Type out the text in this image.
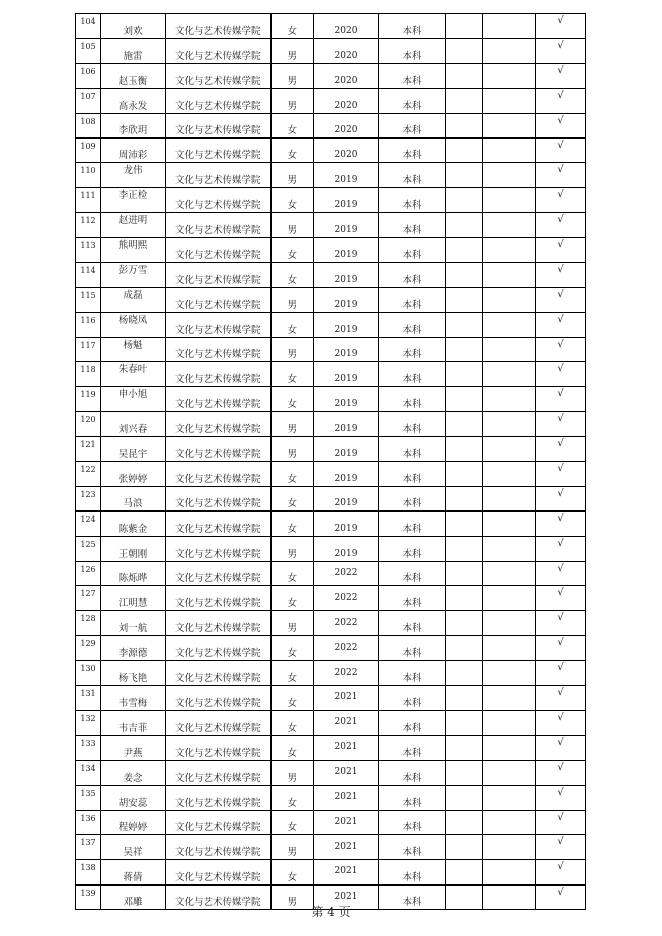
104	刘欢	文化与艺术传媒学院	女	2020	本科			√
105	施雷	文化与艺术传媒学院	男	2020	本科			√
106	赵玉衡	文化与艺术传媒学院	男	2020	本科			√
107	高永发	文化与艺术传媒学院	男	2020	本科			√
108	李欣玥	文化与艺术传媒学院	女	2020	本科			√
109	周沛彩	文化与艺术传媒学院	女	2020	本科			√
110	龙伟	文化与艺术传媒学院	男	2019	本科			√
111	李正检	文化与艺术传媒学院	女	2019	本科			√
112	赵进明	文化与艺术传媒学院	男	2019	本科			√
113	熊明熙	文化与艺术传媒学院	女	2019	本科			√
114	彭万雪	文化与艺术传媒学院	女	2019	本科			√
115	成磊	文化与艺术传媒学院	男	2019	本科			√
116	杨晓凤	文化与艺术传媒学院	女	2019	本科			√
117	杨魁	文化与艺术传媒学院	男	2019	本科			√
118	朱春叶	文化与艺术传媒学院	女	2019	本科			√
119	申小旭	文化与艺术传媒学院	女	2019	本科			√
120	刘兴春	文化与艺术传媒学院	男	2019	本科			√
121	吴昆宇	文化与艺术传媒学院	男	2019	本科			√
122	张婷婷	文化与艺术传媒学院	女	2019	本科			√
123	马浪	文化与艺术传媒学院	女	2019	本科			√
124	陈紫金	文化与艺术传媒学院	女	2019	本科			√
125	王朝刚	文化与艺术传媒学院	男	2019	本科			√
126	陈烁晔	文化与艺术传媒学院	女	2022	本科			√
127	江明慧	文化与艺术传媒学院	女	2022	本科			√
128	刘一航	文化与艺术传媒学院	男	2022	本科			√
129	李源德	文化与艺术传媒学院	女	2022	本科			√
130	杨飞艳	文化与艺术传媒学院	女	2022	本科			√
131	韦雪梅	文化与艺术传媒学院	女	2021	本科			√
132	韦吉菲	文化与艺术传媒学院	女	2021	本科			√
133	尹燕	文化与艺术传媒学院	女	2021	本科			√
134	姜念	文化与艺术传媒学院	男	2021	本科			√
135	胡安蕊	文化与艺术传媒学院	女	2021	本科			√
136	程婷婷	文化与艺术传媒学院	女	2021	本科			√
137	吴祥	文化与艺术传媒学院	男	2021	本科			√
138	蒋倩	文化与艺术传媒学院	女	2021	本科			√
139	邓雕	文化与艺术传媒学院	男	2021	本科			√
第 4 页
